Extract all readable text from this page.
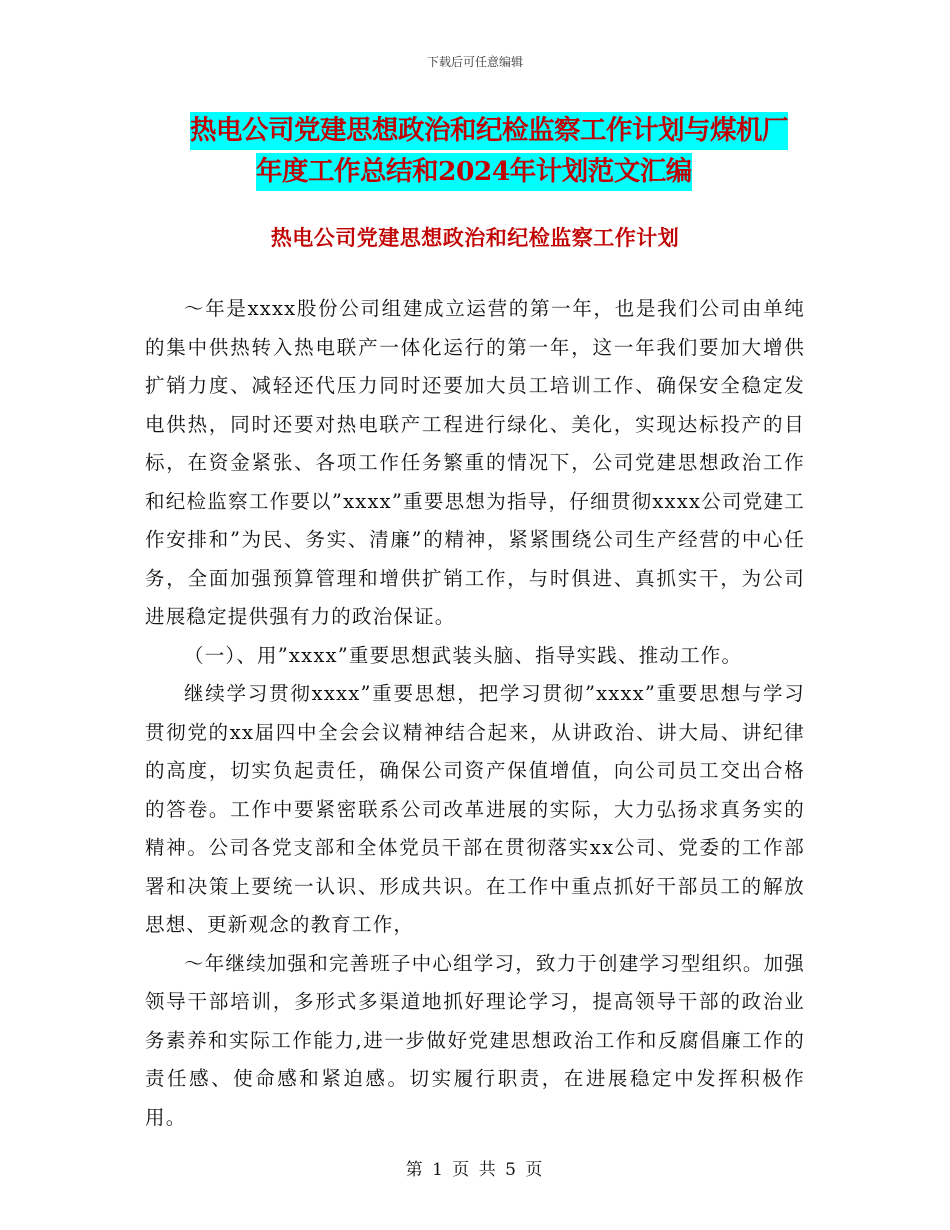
下载后可任意编辑
热电公司党建思想政治和纪检监察工作计划与煤机厂
年度工作总结和2024年计划范文汇编
热电公司党建思想政治和纪检监察工作计划

～年是xxxx股份公司组建成立运营的第一年，也是我们公司由单纯的集中供热转入热电联产一体化运行的第一年，这一年我们要加大增供扩销力度、减轻还代压力同时还要加大员工培训工作、确保安全稳定发电供热，同时还要对热电联产工程进行绿化、美化，实现达标投产的目标，在资金紧张、各项工作任务繁重的情况下，公司党建思想政治工作和纪检监察工作要以”xxxx”重要思想为指导，仔细贯彻xxxx公司党建工作安排和”为民、务实、清廉”的精神，紧紧围绕公司生产经营的中心任务，全面加强预算管理和增供扩销工作，与时俱进、真抓实干，为公司进展稳定提供强有力的政治保证。

（一）、用”xxxx”重要思想武装头脑、指导实践、推动工作。

继续学习贯彻xxxx”重要思想，把学习贯彻”xxxx”重要思想与学习贯彻党的xx届四中全会会议精神结合起来，从讲政治、讲大局、讲纪律的高度，切实负起责任，确保公司资产保值增值，向公司员工交出合格的答卷。工作中要紧密联系公司改革进展的实际，大力弘扬求真务实的精神。公司各党支部和全体党员干部在贯彻落实xx公司、党委的工作部署和决策上要统一认识、形成共识。在工作中重点抓好干部员工的解放思想、更新观念的教育工作，

～年继续加强和完善班子中心组学习，致力于创建学习型组织。加强领导干部培训，多形式多渠道地抓好理论学习，提高领导干部的政治业务素养和实际工作能力,进一步做好党建思想政治工作和反腐倡廉工作的责任感、使命感和紧迫感。切实履行职责，在进展稳定中发挥积极作用。

第 1 页 共 5 页
